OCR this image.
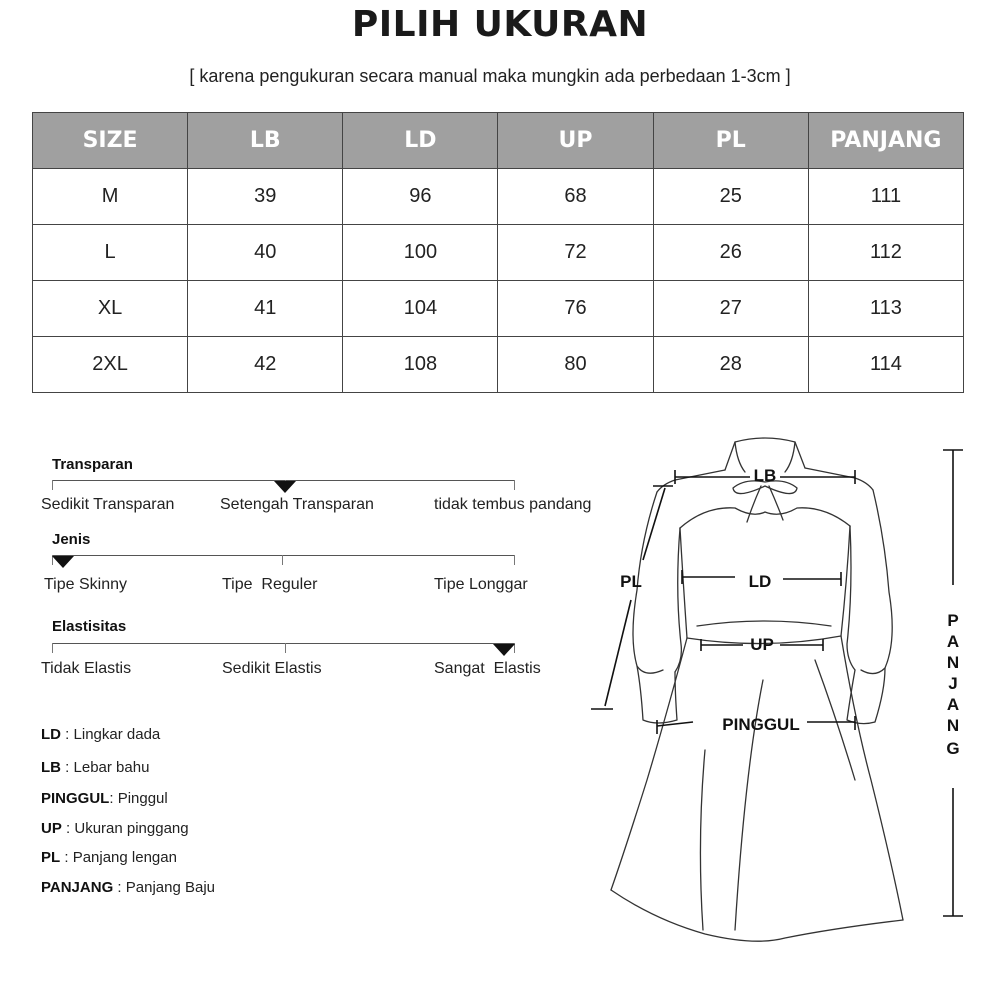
PILIH UKURAN
[ karena pengukuran secara manual maka mungkin ada perbedaan 1-3cm ]
SIZE	LB	LD	UP	PL	PANJANG
M	39	96	68	25	111
L	40	100	72	26	112
XL	41	104	76	27	113
2XL	42	108	80	28	114
Transparan
Sedikit Transparan	Setengah Transparan	tidak tembus pandang
Jenis
Tipe Skinny	Tipe  Reguler	Tipe Longgar
Elastisitas
Tidak Elastis	Sedikit Elastis	Sangat  Elastis
LD : Lingkar dada
LB : Lebar bahu
PINGGUL: Pinggul
UP : Ukuran pinggang
PL : Panjang lengan
PANJANG : Panjang Baju
LB
LD
UP
PL
PINGGUL
P
A
N
J
A
N
G
